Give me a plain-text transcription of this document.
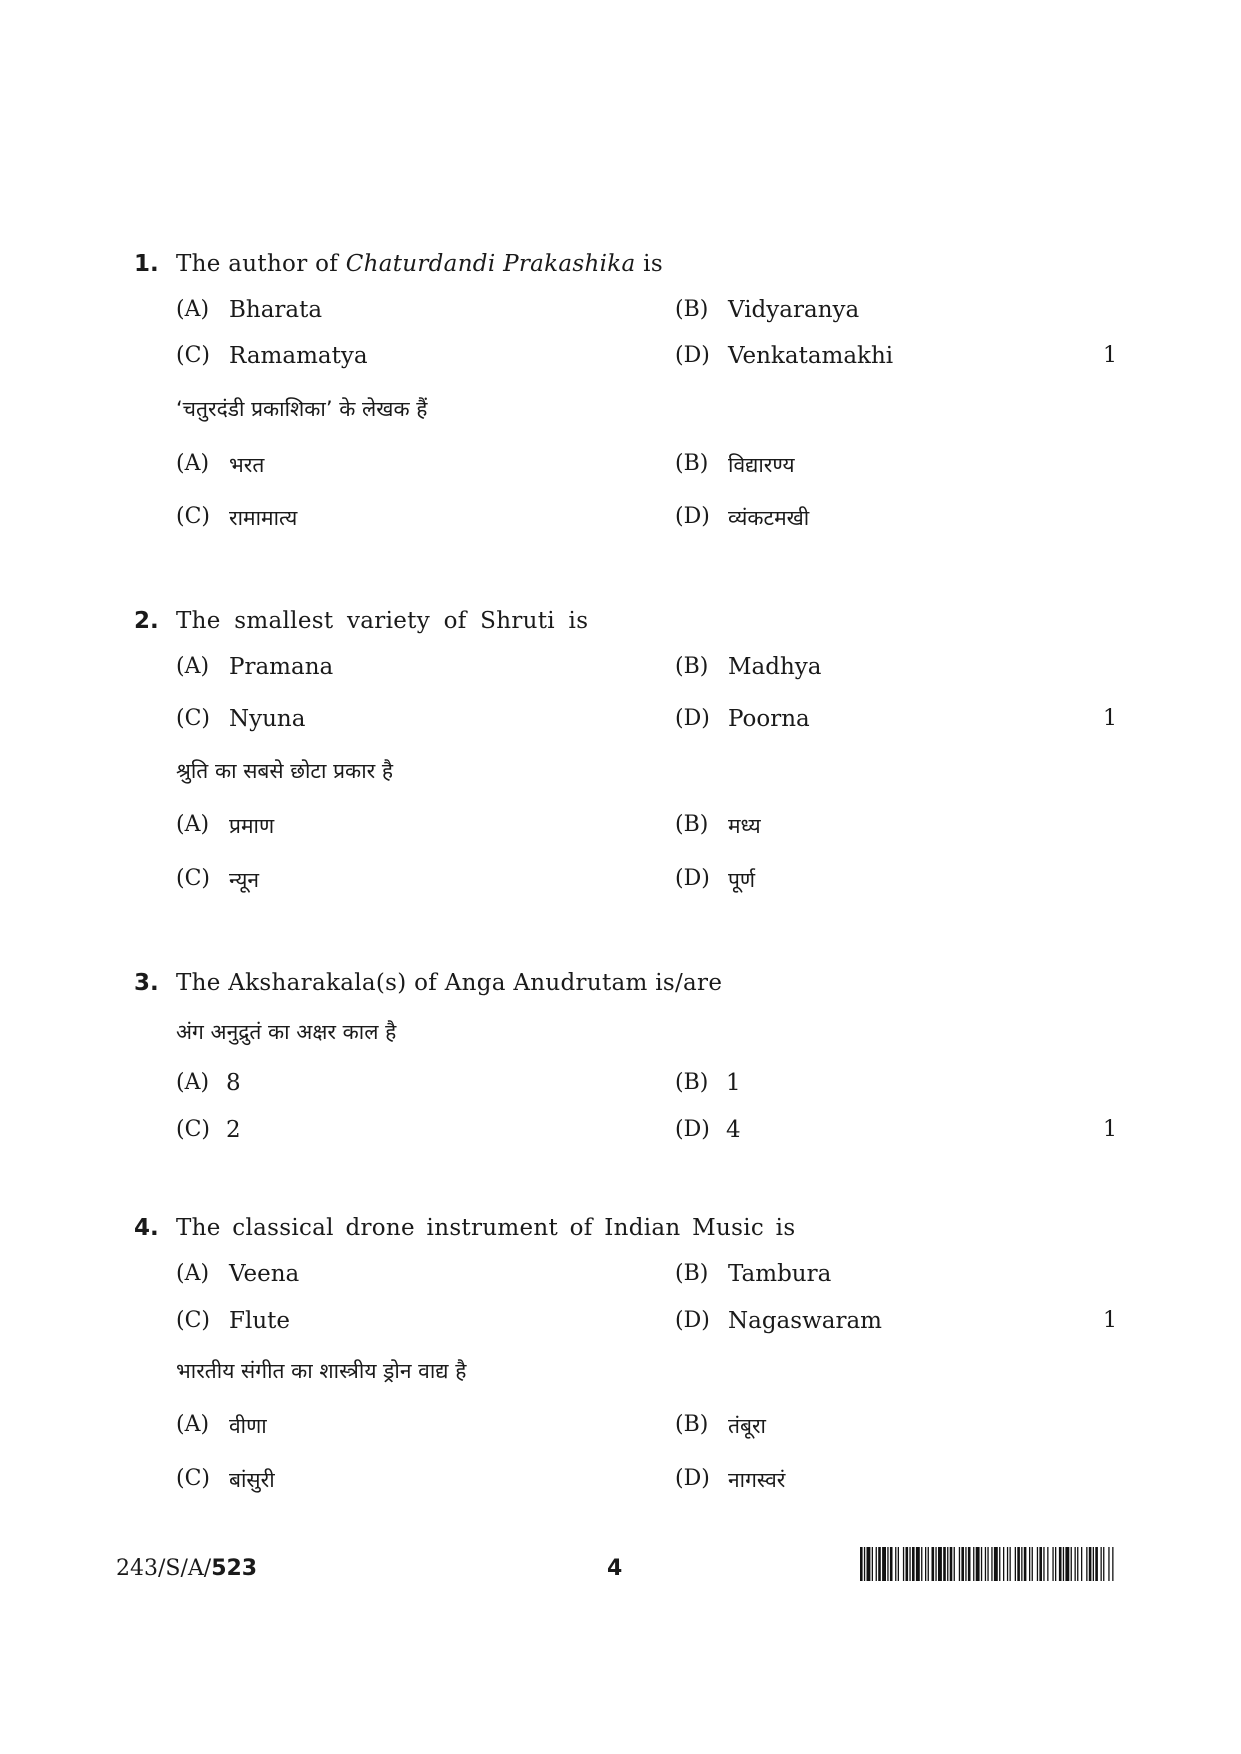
1. The author of Chaturdandi Prakashika is
(A) Bharata	(B) Vidyaranya
(C) Ramamatya	(D) Venkatamakhi	1
‘चतुरदंडी प्रकाशिका’ के लेखक हैं
(A) भरत	(B) विद्यारण्य
(C) रामामात्य	(D) व्यंकटमखी
2. The smallest variety of Shruti is
(A) Pramana	(B) Madhya
(C) Nyuna	(D) Poorna	1
श्रुति का सबसे छोटा प्रकार है
(A) प्रमाण	(B) मध्य
(C) न्यून	(D) पूर्ण
3. The Aksharakala(s) of Anga Anudrutam is/are
अंग अनुद्रुतं का अक्षर काल है
(A) 8	(B) 1
(C) 2	(D) 4	1
4. The classical drone instrument of Indian Music is
(A) Veena	(B) Tambura
(C) Flute	(D) Nagaswaram	1
भारतीय संगीत का शास्त्रीय ड्रोन वाद्य है
(A) वीणा	(B) तंबूरा
(C) बांसुरी	(D) नागस्वरं
243/S/A/523	4
